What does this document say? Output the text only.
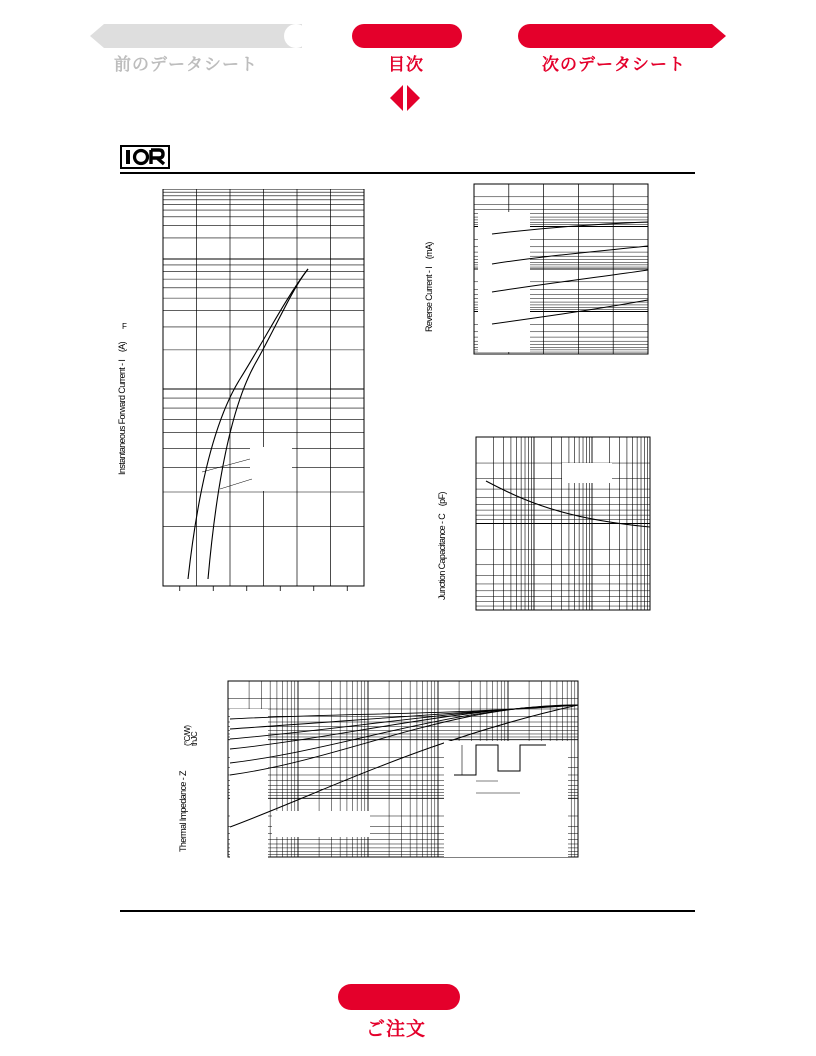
前のデータシート	目次	次のデータシート
Instantaneous Forward Current - I    (A)
F	Reverse Current - I    (mA)
Junction Capacitance - C    (pF)
Thermal Impedance - Z
(°C/W)
thJC
ご注文
